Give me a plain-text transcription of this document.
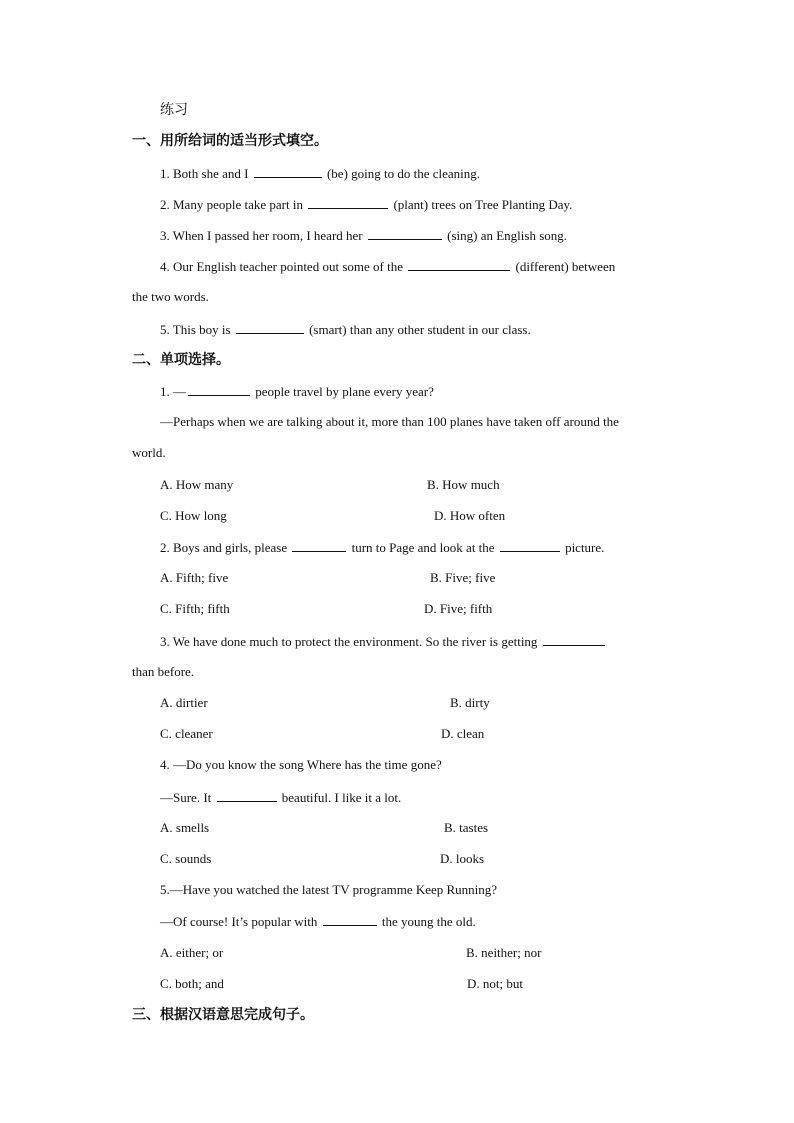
练习
一、用所给词的适当形式填空。
1. Both she and I	(be) going to do the cleaning.
2. Many people take part in	(plant) trees on Tree Planting Day.
3. When I passed her room, I heard her	(sing) an English song.
4. Our English teacher pointed out some of the	(different) between
the two words.
5. This boy is	(smart) than any other student in our class.
二、单项选择。
1. —	people travel by plane every year?
—Perhaps when we are talking about it, more than 100 planes have taken off around the
world.
A. How many	B. How much
C. How long	D. How often
2. Boys and girls, please	turn to Page and look at the	picture.
A. Fifth; five	B. Five; five
C. Fifth; fifth	D. Five; fifth
3. We have done much to protect the environment. So the river is getting
than before.
A. dirtier	B. dirty
C. cleaner	D. clean
4. —Do you know the song Where has the time gone?
—Sure. It	beautiful. I like it a lot.
A. smells	B. tastes
C. sounds	D. looks
5.—Have you watched the latest TV programme Keep Running?
—Of course! It’s popular with	the young the old.
A. either; or	B. neither; nor
C. both; and	D. not; but
三、根据汉语意思完成句子。
